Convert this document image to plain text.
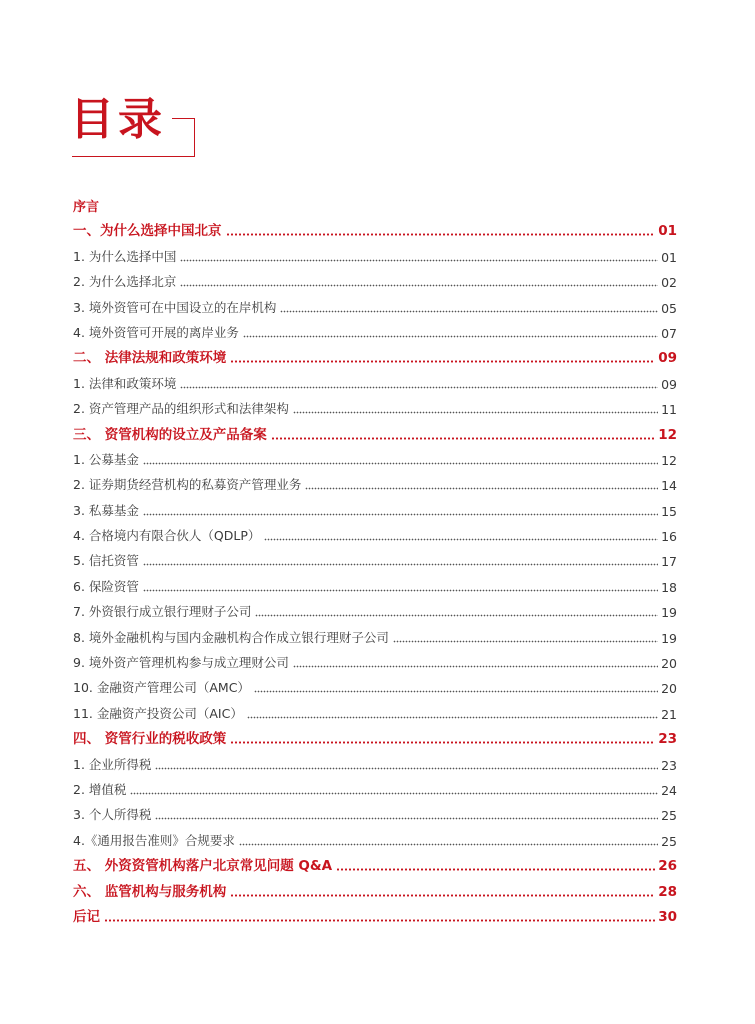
目录
序言
一、为什么选择中国北京	01
1. 为什么选择中国	01
2. 为什么选择北京	02
3. 境外资管可在中国设立的在岸机构	05
4. 境外资管可开展的离岸业务	07
二、 法律法规和政策环境	09
1. 法律和政策环境	09
2. 资产管理产品的组织形式和法律架构	11
三、 资管机构的设立及产品备案	12
1. 公募基金	12
2. 证券期货经营机构的私募资产管理业务	14
3. 私募基金	15
4. 合格境内有限合伙人（QDLP）	16
5. 信托资管	17
6. 保险资管	18
7. 外资银行成立银行理财子公司	19
8. 境外金融机构与国内金融机构合作成立银行理财子公司	19
9. 境外资产管理机构参与成立理财公司	20
10. 金融资产管理公司（AMC）	20
11. 金融资产投资公司（AIC）	21
四、 资管行业的税收政策	23
1. 企业所得税	23
2. 增值税	24
3. 个人所得税	25
4.《通用报告准则》合规要求	25
五、 外资资管机构落户北京常见问题 Q&A	26
六、 监管机构与服务机构	28
后记	30
